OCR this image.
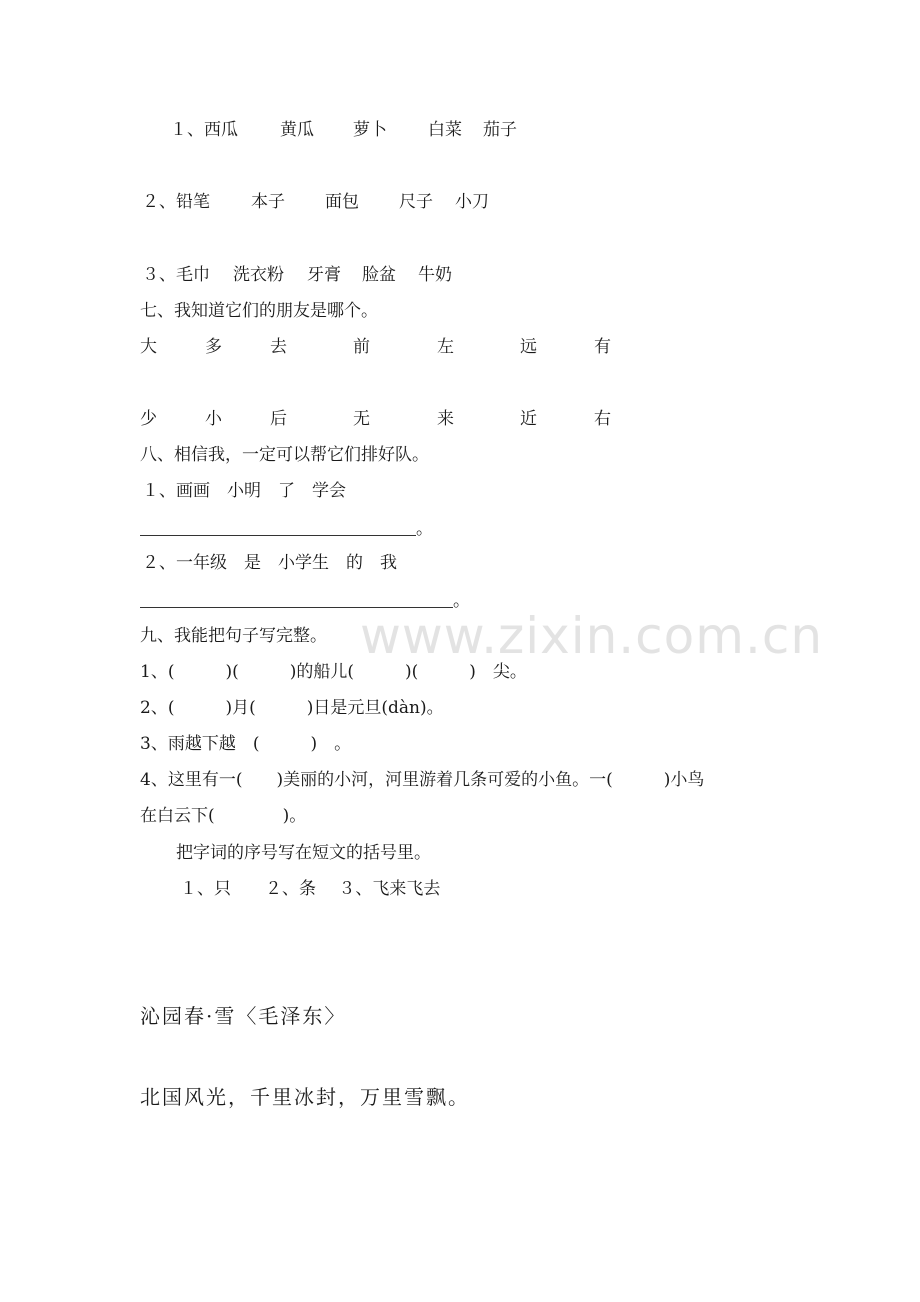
www.zixin.com.cn
１、西瓜 黄瓜 萝卜 白菜 茄子
２、铅笔 本子 面包 尺子 小刀
３、毛巾 洗衣粉 牙膏 脸盆 牛奶
七、我知道它们的朋友是哪个。
大	多	去	前	左	远	有
少	小	后	无	来	近	右
八、相信我，一定可以帮它们排好队。
１、画画　小明　了　学会
。
２、一年级　是　小学生　的　我
。
九、我能把句子写完整。
1、(　　　)(　　　)的船儿(　　　)(　　　)　尖。
2、(　　　)月(　　　)日是元旦(dàn)。
3、雨越下越　(　　　)　。
4、这里有一(　　)美丽的小河，河里游着几条可爱的小鱼。一(　　　)小鸟
在白云下(　　　　)。
把字词的序号写在短文的括号里。
１、只　　２、条　 ３、飞来飞去
沁园春·雪〈毛泽东〉
北国风光，千里冰封，万里雪飘。
